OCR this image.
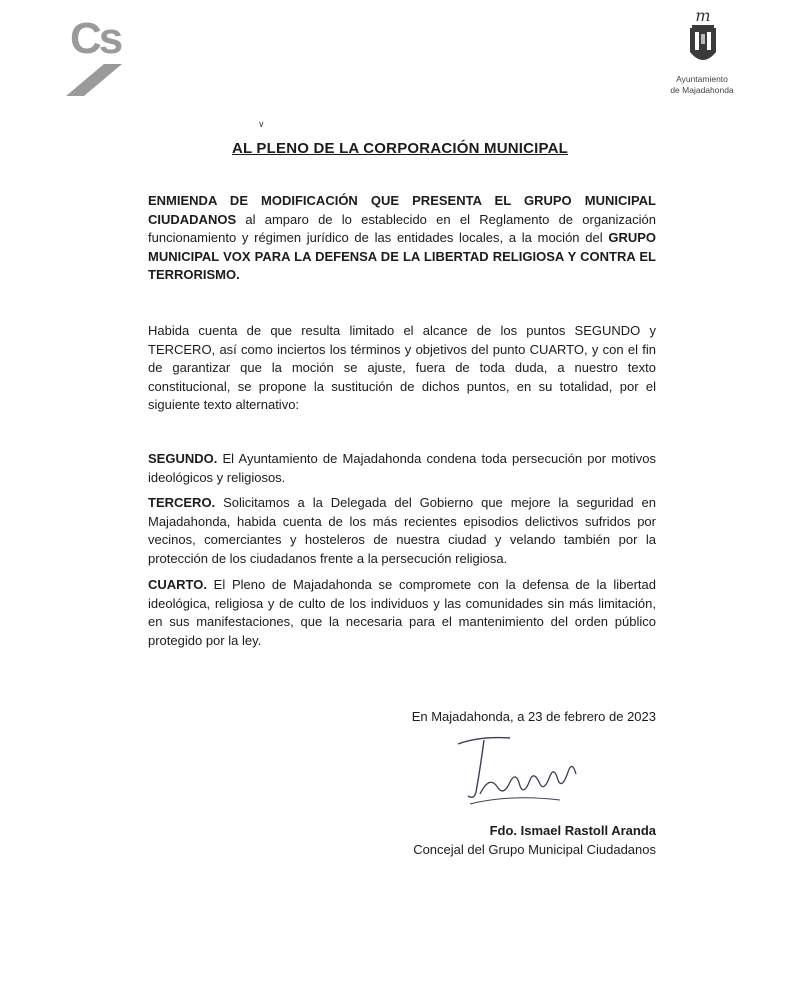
Cs	m
Ayuntamiento
de Majadahonda
∨
AL PLENO DE LA CORPORACIÓN MUNICIPAL
ENMIENDA DE MODIFICACIÓN QUE PRESENTA EL GRUPO MUNICIPAL CIUDADANOS al amparo de lo establecido en el Reglamento de organización funcionamiento y régimen jurídico de las entidades locales, a la moción del GRUPO MUNICIPAL VOX PARA LA DEFENSA DE LA LIBERTAD RELIGIOSA Y CONTRA EL TERRORISMO.
Habida cuenta de que resulta limitado el alcance de los puntos SEGUNDO y TERCERO, así como inciertos los términos y objetivos del punto CUARTO, y con el fin de garantizar que la moción se ajuste, fuera de toda duda, a nuestro texto constitucional, se propone la sustitución de dichos puntos, en su totalidad, por el siguiente texto alternativo:
SEGUNDO. El Ayuntamiento de Majadahonda condena toda persecución por motivos ideológicos y religiosos.
TERCERO. Solicitamos a la Delegada del Gobierno que mejore la seguridad en Majadahonda, habida cuenta de los más recientes episodios delictivos sufridos por vecinos, comerciantes y hosteleros de nuestra ciudad y velando también por la protección de los ciudadanos frente a la persecución religiosa.
CUARTO. El Pleno de Majadahonda se compromete con la defensa de la libertad ideológica, religiosa y de culto de los individuos y las comunidades sin más limitación, en sus manifestaciones, que la necesaria para el mantenimiento del orden público protegido por la ley.
En Majadahonda, a 23 de febrero de 2023
Fdo. Ismael Rastoll Aranda
Concejal del Grupo Municipal Ciudadanos
